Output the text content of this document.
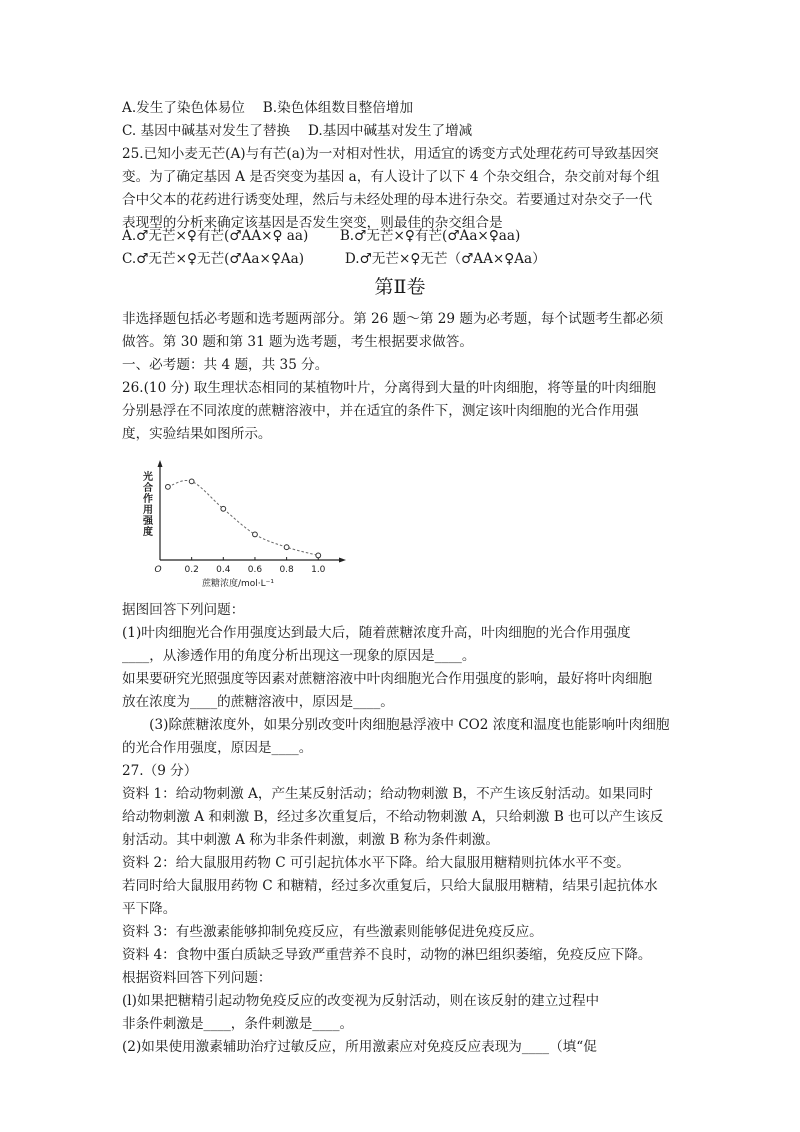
A.发生了染色体易位　 B.染色体组数目整倍增加
C. 基因中碱基对发生了替换　 D.基因中碱基对发生了增减
25.已知小麦无芒(A)与有芒(a)为一对相对性状，用适宜的诱变方式处理花药可导致基因突
变。为了确定基因 A 是否突变为基因 a，有人设计了以下 4 个杂交组合，杂交前对每个组
合中父本的花药进行诱变处理，然后与未经处理的母本进行杂交。若要通过对杂交子一代
表现型的分析来确定该基因是否发生突变，则最佳的杂交组合是
A.♂无芒×♀有芒(♂AA×♀ aa)　　 B.♂无芒×♀有芒(♂Aa×♀aa)
C.♂无芒×♀无芒(♂Aa×♀Aa)　　　D.♂无芒×♀无芒（♂AA×♀Aa）
第Ⅱ卷
非选择题包括必考题和选考题两部分。第 26 题～第 29 题为必考题，每个试题考生都必须
做答。第 30 题和第 31 题为选考题，考生根据要求做答。
一、必考题：共 4 题，共 35 分。
26.(10 分) 取生理状态相同的某植物叶片，分离得到大量的叶肉细胞，将等量的叶肉细胞
分别悬浮在不同浓度的蔗糖溶液中，并在适宜的条件下，测定该叶肉细胞的光合作用强
度，实验结果如图所示。
O	0.2 0.4 0.6 0.8 1.0
蔗糖浓度/mol·L⁻¹
光
合
作
用
强
度
据图回答下列问题：
(1)叶肉细胞光合作用强度达到最大后，随着蔗糖浓度升高，叶肉细胞的光合作用强度
____，从渗透作用的角度分析出现这一现象的原因是____。
如果要研究光照强度等因素对蔗糖溶液中叶肉细胞光合作用强度的影响，最好将叶肉细胞
放在浓度为____的蔗糖溶液中，原因是____。
　　(3)除蔗糖浓度外，如果分别改变叶肉细胞悬浮液中 CO2 浓度和温度也能影响叶肉细胞
的光合作用强度，原因是____。
27.（9 分）
资料 1：给动物刺激 A，产生某反射活动；给动物刺激 B，不产生该反射活动。如果同时
给动物刺激 A 和刺激 B，经过多次重复后，不给动物刺激 A，只给刺激 B 也可以产生该反
射活动。其中刺激 A 称为非条件刺激，刺激 B 称为条件刺激。
资料 2：给大鼠服用药物 C 可引起抗体水平下降。给大鼠服用糖精则抗体水平不变。
若同时给大鼠服用药物 C 和糖精，经过多次重复后，只给大鼠服用糖精，结果引起抗体水
平下降。
资料 3：有些激素能够抑制免疫反应，有些激素则能够促进免疫反应。
资料 4：食物中蛋白质缺乏导致严重营养不良时，动物的淋巴组织萎缩，免疫反应下降。
根据资料回答下列问题：
(l)如果把糖精引起动物免疫反应的改变视为反射活动，则在该反射的建立过程中
非条件刺激是____，条件刺激是____。
(2)如果使用激素辅助治疗过敏反应，所用激素应对免疫反应表现为____（填“促
